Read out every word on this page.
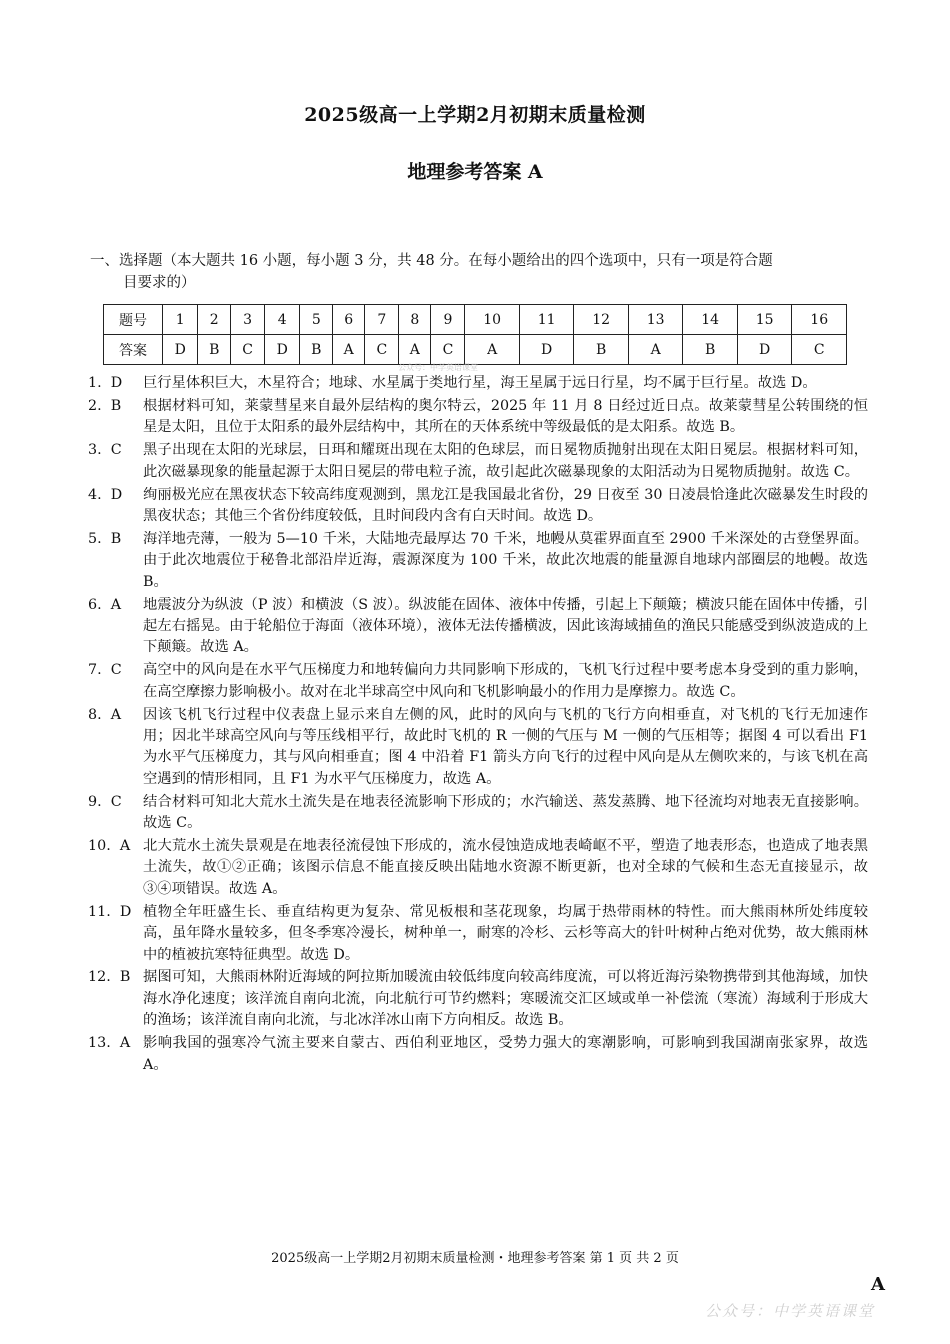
2025级高一上学期2月初期末质量检测
地理参考答案 A
一、选择题（本大题共 16 小题，每小题 3 分，共 48 分。在每小题给出的四个选项中，只有一项是符合题
目要求的）
题号	1	2	3	4	5	6	7	8	9	10	11	12	13	14	15	16
答案	D	B	C	D	B	A	C	A	C	A	D	B	A	B	D	C
公众号：中学英语课堂
1.  D	巨行星体积巨大，木星符合；地球、水星属于类地行星，海王星属于远日行星，均不属于巨行星。故选 D。
2.  B	根据材料可知，莱蒙彗星来自最外层结构的奥尔特云，2025 年 11 月 8 日经过近日点。故莱蒙彗星公转围绕的恒星是太阳，且位于太阳系的最外层结构中，其所在的天体系统中等级最低的是太阳系。故选 B。
3.  C	黑子出现在太阳的光球层，日珥和耀斑出现在太阳的色球层，而日冕物质抛射出现在太阳日冕层。根据材料可知，此次磁暴现象的能量起源于太阳日冕层的带电粒子流，故引起此次磁暴现象的太阳活动为日冕物质抛射。故选 C。
4.  D	绚丽极光应在黑夜状态下较高纬度观测到，黑龙江是我国最北省份，29 日夜至 30 日凌晨恰逢此次磁暴发生时段的黑夜状态；其他三个省份纬度较低，且时间段内含有白天时间。故选 D。
5.  B	海洋地壳薄，一般为 5—10 千米，大陆地壳最厚达 70 千米，地幔从莫霍界面直至 2900 千米深处的古登堡界面。由于此次地震位于秘鲁北部沿岸近海，震源深度为 100 千米，故此次地震的能量源自地球内部圈层的地幔。故选 B。
6.  A	地震波分为纵波（P 波）和横波（S 波）。纵波能在固体、液体中传播，引起上下颠簸；横波只能在固体中传播，引起左右摇晃。由于轮船位于海面（液体环境），液体无法传播横波，因此该海域捕鱼的渔民只能感受到纵波造成的上下颠簸。故选 A。
7.  C	高空中的风向是在水平气压梯度力和地转偏向力共同影响下形成的，飞机飞行过程中要考虑本身受到的重力影响，在高空摩擦力影响极小。故对在北半球高空中风向和飞机影响最小的作用力是摩擦力。故选 C。
8.  A	因该飞机飞行过程中仪表盘上显示来自左侧的风，此时的风向与飞机的飞行方向相垂直，对飞机的飞行无加速作用；因北半球高空风向与等压线相平行，故此时飞机的 R 一侧的气压与 M 一侧的气压相等；据图 4 可以看出 F1 为水平气压梯度力，其与风向相垂直；图 4 中沿着 F1 箭头方向飞行的过程中风向是从左侧吹来的，与该飞机在高空遇到的情形相同，且 F1 为水平气压梯度力，故选 A。
9.  C	结合材料可知北大荒水土流失是在地表径流影响下形成的；水汽输送、蒸发蒸腾、地下径流均对地表无直接影响。故选 C。
10.  A 北大荒水土流失景观是在地表径流侵蚀下形成的，流水侵蚀造成地表崎岖不平，塑造了地表形态，也造成了地表黑土流失，故①②正确；该图示信息不能直接反映出陆地水资源不断更新，也对全球的气候和生态无直接显示，故③④项错误。故选 A。
11.  D 植物全年旺盛生长、垂直结构更为复杂、常见板根和茎花现象，均属于热带雨林的特性。而大熊雨林所处纬度较高，虽年降水量较多，但冬季寒冷漫长，树种单一，耐寒的冷杉、云杉等高大的针叶树种占绝对优势，故大熊雨林中的植被抗寒特征典型。故选 D。
12.  B 据图可知，大熊雨林附近海域的阿拉斯加暖流由较低纬度向较高纬度流，可以将近海污染物携带到其他海域，加快海水净化速度；该洋流自南向北流，向北航行可节约燃料；寒暖流交汇区域或单一补偿流（寒流）海域利于形成大的渔场；该洋流自南向北流，与北冰洋冰山南下方向相反。故选 B。
13.  A 影响我国的强寒冷气流主要来自蒙古、西伯利亚地区，受势力强大的寒潮影响，可影响到我国湖南张家界，故选 A。
2025级高一上学期2月初期末质量检测・地理参考答案 第 1 页 共 2 页
A
公众号：中学英语课堂
